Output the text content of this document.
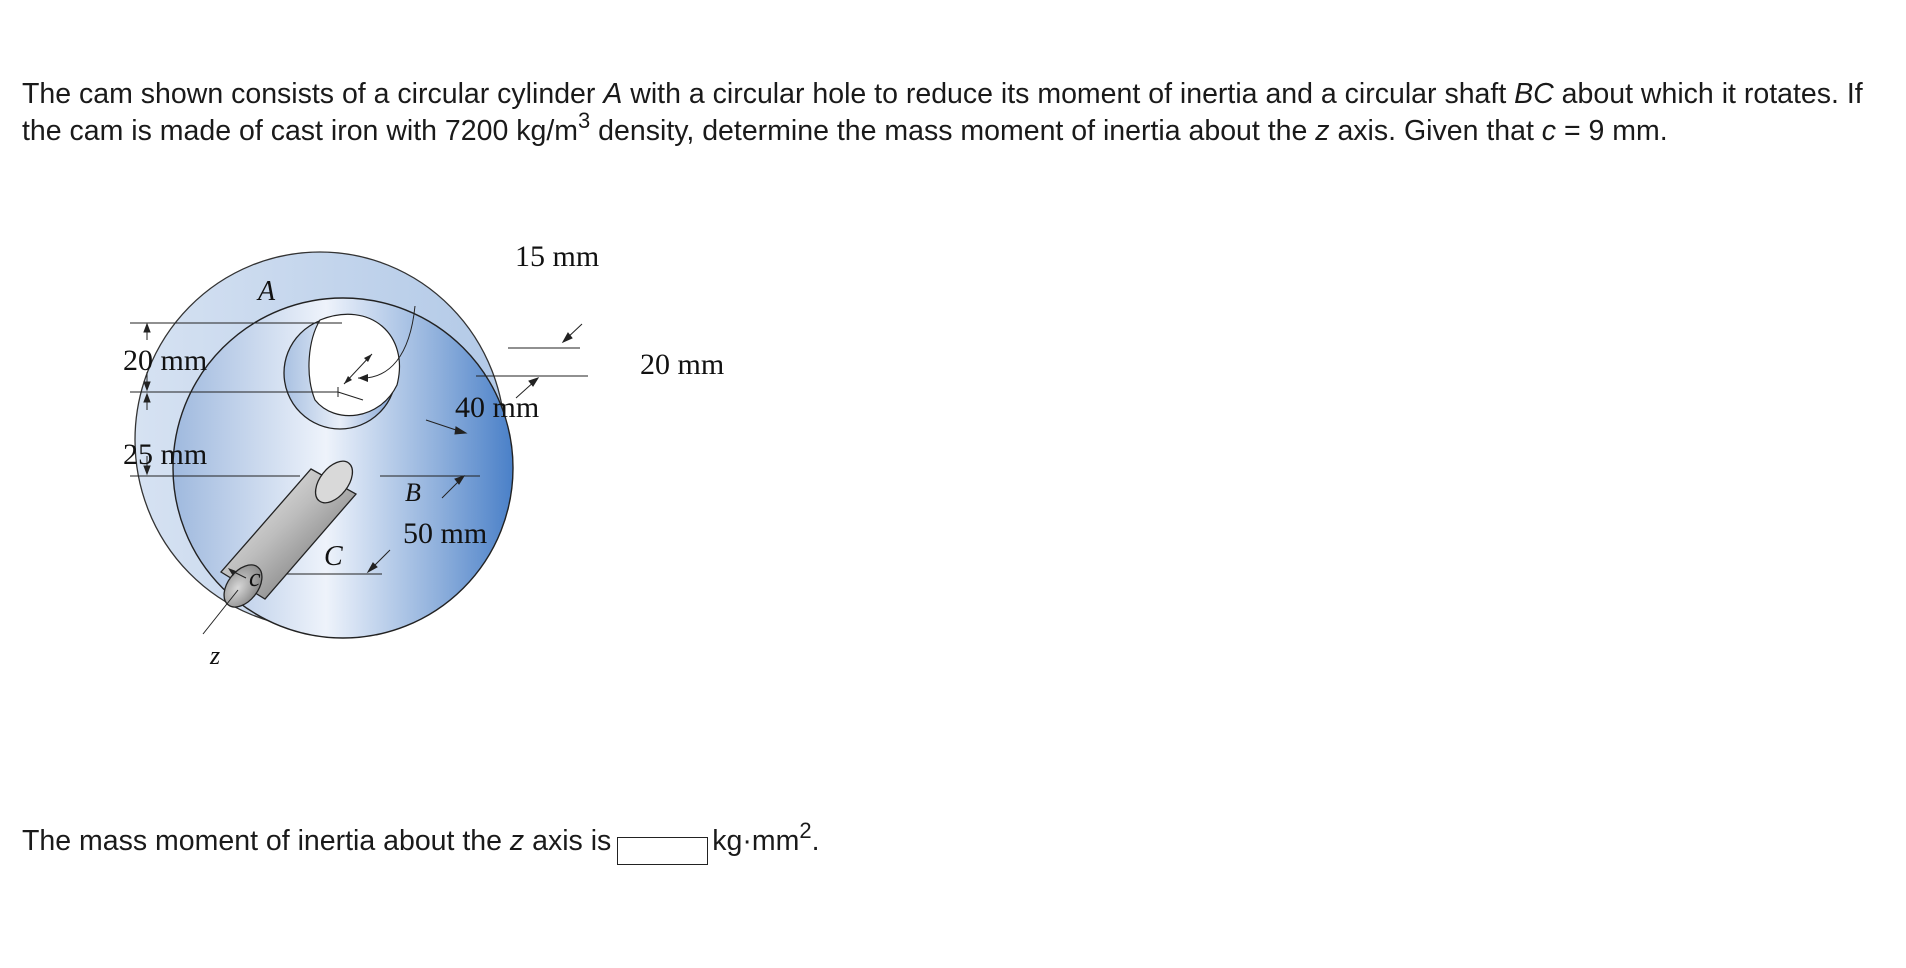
The cam shown consists of a circular cylinder A with a circular hole to reduce its moment of inertia and a circular shaft BC about which it rotates. If the cam is made of cast iron with 7200 $kg/m^3$ density, determine the mass moment of inertia about the z axis. Given that c = 9 mm.

A
15 mm
20 mm
25 mm
40 mm
20 mm
50 mm
B
C
c
z

The mass moment of inertia about the z axis is	$kg\cdot mm^2$.
